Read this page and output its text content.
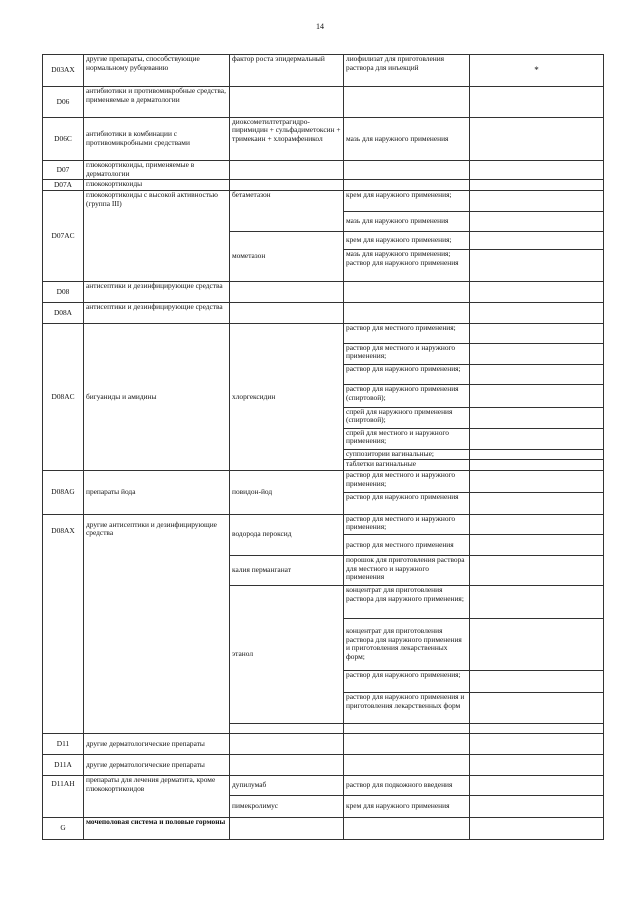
14
D03AX	другие препараты, способствующие нормальному рубцеванию	фактор роста эпидермальный	лиофилизат для приготовления раствора для инъекций	*
D06	антибиотики и противомикробные средства, применяемые в дерматологии			
D06C	антибиотики в комбинации с противомикробными средствами	диоксометилтетрагидро-пиримидин + сульфадиметоксин + тримекаин + хлорамфеникол	мазь для наружного применения	
D07	глюкокортикоиды, применяемые в дерматологии			
D07A	глюкокортикоиды			
D07AC	глюкокортикоиды с высокой активностью (группа III)	бетаметазон	крем для наружного применения;	
			мазь для наружного применения	
		мометазон	крем для наружного применения;	
			мазь для наружного применения; раствор для наружного применения	
D08	антисептики и дезинфицирующие средства			
D08A	антисептики и дезинфицирующие средства			
D08AC	бигуаниды и амидины	хлоргексидин	раствор для местного применения;	
			раствор для местного и наружного применения;	
			раствор для наружного применения;	
			раствор для наружного применения (спиртовой);	
			спрей для наружного применения (спиртовой);	
			спрей для местного и наружного применения;	
			суппозитории вагинальные;	
			таблетки вагинальные	
D08AG	препараты йода	повидон-йод	раствор для местного и наружного применения;	
			раствор для наружного применения	
D08AX	другие антисептики и дезинфицирующие средства	водорода пероксид	раствор для местного и наружного применения;	
			раствор для местного применения	
		калия перманганат	порошок для приготовления раствора для местного и наружного применения	
		этанол	концентрат для приготовления раствора для наружного применения;	
			концентрат для приготовления раствора для наружного применения и приготовления лекарственных форм;	
			раствор для наружного применения;	
			раствор для наружного применения и приготовления лекарственных форм	

D11	другие дерматологические препараты			
D11A	другие дерматологические препараты			
D11AH	препараты для лечения дерматита, кроме глюкокортикоидов	дупилумаб	раствор для подкожного введения	
		пимекролимус	крем для наружного применения	
G	мочеполовая система и половые гормоны			
